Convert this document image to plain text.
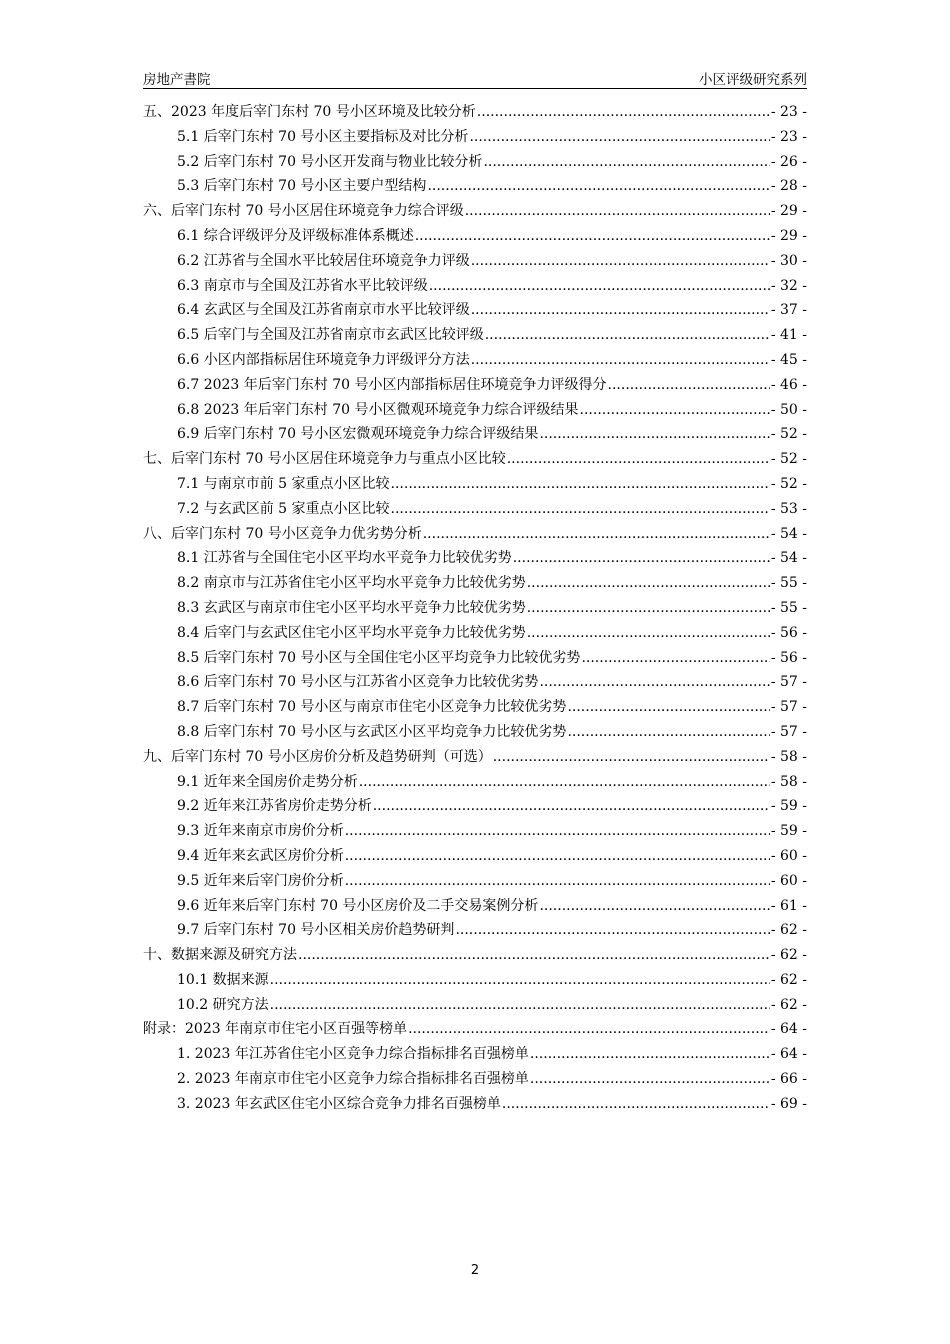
房地产書院	小区评级研究系列
五、2023 年度后宰门东村 70 号小区环境及比较分析 .....	- 23 -
5.1 后宰门东村 70 号小区主要指标及对比分析 .....	- 23 -
5.2 后宰门东村 70 号小区开发商与物业比较分析 .....	- 26 -
5.3 后宰门东村 70 号小区主要户型结构 .....	- 28 -
六、后宰门东村 70 号小区居住环境竞争力综合评级 .....	- 29 -
6.1 综合评级评分及评级标准体系概述 .....	- 29 -
6.2 江苏省与全国水平比较居住环境竞争力评级 .....	- 30 -
6.3 南京市与全国及江苏省水平比较评级 .....	- 32 -
6.4 玄武区与全国及江苏省南京市水平比较评级 .....	- 37 -
6.5 后宰门与全国及江苏省南京市玄武区比较评级 .....	- 41 -
6.6 小区内部指标居住环境竞争力评级评分方法 .....	- 45 -
6.7 2023 年后宰门东村 70 号小区内部指标居住环境竞争力评级得分 .....	- 46 -
6.8 2023 年后宰门东村 70 号小区微观环境竞争力综合评级结果 .....	- 50 -
6.9 后宰门东村 70 号小区宏微观环境竞争力综合评级结果 .....	- 52 -
七、后宰门东村 70 号小区居住环境竞争力与重点小区比较 .....	- 52 -
7.1 与南京市前 5 家重点小区比较 .....	- 52 -
7.2 与玄武区前 5 家重点小区比较 .....	- 53 -
八、后宰门东村 70 号小区竞争力优劣势分析 .....	- 54 -
8.1 江苏省与全国住宅小区平均水平竞争力比较优劣势 .....	- 54 -
8.2 南京市与江苏省住宅小区平均水平竞争力比较优劣势 .....	- 55 -
8.3 玄武区与南京市住宅小区平均水平竞争力比较优劣势 .....	- 55 -
8.4 后宰门与玄武区住宅小区平均水平竞争力比较优劣势 .....	- 56 -
8.5 后宰门东村 70 号小区与全国住宅小区平均竞争力比较优劣势 .....	- 56 -
8.6 后宰门东村 70 号小区与江苏省小区竞争力比较优劣势 .....	- 57 -
8.7 后宰门东村 70 号小区与南京市住宅小区竞争力比较优劣势 .....	- 57 -
8.8 后宰门东村 70 号小区与玄武区小区平均竞争力比较优劣势 .....	- 57 -
九、后宰门东村 70 号小区房价分析及趋势研判（可选） .....	- 58 -
9.1 近年来全国房价走势分析 .....	- 58 -
9.2 近年来江苏省房价走势分析 .....	- 59 -
9.3 近年来南京市房价分析 .....	- 59 -
9.4 近年来玄武区房价分析 .....	- 60 -
9.5 近年来后宰门房价分析 .....	- 60 -
9.6 近年来后宰门东村 70 号小区房价及二手交易案例分析 .....	- 61 -
9.7 后宰门东村 70 号小区相关房价趋势研判 .....	- 62 -
十、数据来源及研究方法 .....	- 62 -
10.1 数据来源 .....	- 62 -
10.2 研究方法 .....	- 62 -
附录：2023 年南京市住宅小区百强等榜单 .....	- 64 -
1. 2023 年江苏省住宅小区竞争力综合指标排名百强榜单 .....	- 64 -
2. 2023 年南京市住宅小区竞争力综合指标排名百强榜单 .....	- 66 -
3. 2023 年玄武区住宅小区综合竞争力排名百强榜单 .....	- 69 -
2
